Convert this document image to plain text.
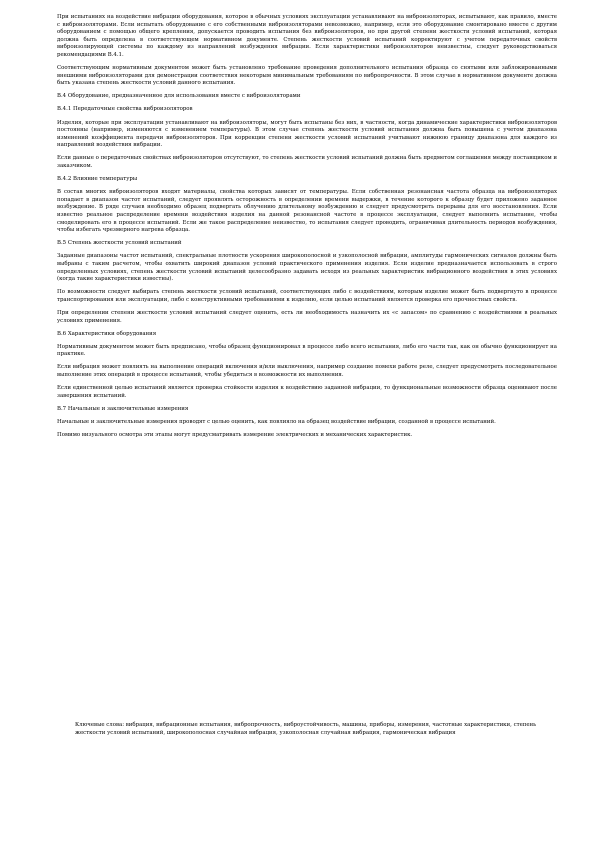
При испытаниях на воздействие вибрации оборудования, которое в обычных условиях эксплуатации устанавливают на виброизоляторах, испытывают, как правило, вместе с виброизоляторами. Если испытать оборудование с его собственными виброизоляторами невозможно, например, если это оборудование смонтировано вместе с другим оборудованием с помощью общего крепления, допускается проводить испытания без виброизоляторов, но при другой степени жесткости условий испытаний, которая должна быть определена в соответствующем нормативном документе. Степень жесткости условий испытаний корректируют с учетом передаточных свойств виброизолирующей системы по каждому из направлений возбуждения вибрации. Если характеристики виброизоляторов неизвестны, следует руководствоваться рекомендациями В.4.1.

Соответствующим нормативным документом может быть установлено требование проведения дополнительного испытания образца со снятыми или заблокированными внешними виброизоляторами для демонстрации соответствия некоторым минимальным требованиям по вибропрочности. В этом случае в нормативном документе должна быть указана степень жесткости условий данного испытания.

В.4 Оборудование, предназначенное для использования вместе с виброизоляторами
В.4.1 Передаточные свойства виброизоляторов

Изделия, которые при эксплуатации устанавливают на виброизоляторы, могут быть испытаны без них, в частности, когда динамические характеристики виброизоляторов постоянны (например, изменяются с изменением температуры). В этом случае степень жесткости условий испытания должна быть повышена с учетом диапазона изменений коэффициента передачи виброизоляторов. При коррекции степени жесткости условий испытаний учитывают нижнюю границу диапазона для каждого из направлений воздействия вибрации.

Если данные о передаточных свойствах виброизоляторов отсутствуют, то степень жесткости условий испытаний должна быть предметом соглашения между поставщиком и заказчиком.

В.4.2 Влияние температуры

В состав многих виброизоляторов входят материалы, свойства которых зависят от температуры. Если собственная резонансная частота образца на виброизоляторах попадает в диапазон частот испытаний, следует проявлять осторожность в определении времени выдержки, в течение которого к образцу будет приложено заданное возбуждение. В ряде случаев необходимо образец подвергать облучению длительному возбуждению и следует предусмотреть перерывы для его восстановления. Если известно реальное распределение времени воздействия изделия на данной резонансной частоте в процессе эксплуатации, следует выполнить испытание, чтобы смоделировать его в процессе испытаний. Если же такое распределение неизвестно, то испытания следует проводить, ограничивая длительность периодов возбуждения, чтобы избегать чрезмерного нагрева образца.

В.5 Степень жесткости условий испытаний

Заданные диапазоны частот испытаний, спектральные плотности ускорения широкополосной и узкополосной вибрации, амплитуды гармонических сигналов должны быть выбраны с таким расчетом, чтобы охватить широкий диапазон условий практического применения изделия. Если изделие предназначается использовать в строго определенных условиях, степень жесткости условий испытаний целесообразно задавать исходя из реальных характеристик вибрационного воздействия в этих условиях (когда такие характеристики известны).

По возможности следует выбирать степень жесткости условий испытаний, соответствующих либо с воздействиям, которым изделие может быть подвергнуто в процессе транспортирования или эксплуатации, либо с конструктивными требованиями к изделию, если целью испытаний является проверка его прочностных свойств.

При определении степени жесткости условий испытаний следует оценить, есть ли необходимость назначить их «с запасом» по сравнению с воздействиями в реальных условиях применения.

В.6 Характеристики оборудования

Нормативным документом может быть предписано, чтобы образец функционировал в процессе либо всего испытания, либо его части так, как он обычно функционирует на практике.

Если вибрация может повлиять на выполнение операций включения и/или выключения, например создание помехи работе реле, следует предусмотреть последовательное выполнение этих операций в процессе испытаний, чтобы убедиться в возможности их выполнения.

Если единственной целью испытаний является проверка стойкости изделия к воздействию заданной вибрации, то функциональные возможности образца оценивают после завершения испытаний.

В.7 Начальные и заключительные измерения

Начальные и заключительные измерения проводят с целью оценить, как повлияло на образец воздействие вибрации, созданной в процессе испытаний.

Помимо визуального осмотра эти этапы могут предусматривать измерение электрических и механических характеристик.

Ключевые слова: вибрация, вибрационные испытания, вибропрочность, виброустойчивость, машины, приборы, измерения, частотные характеристики, степень жесткости условий испытаний, широкополосная случайная вибрация, узкополосная случайная вибрация, гармоническая вибрация
